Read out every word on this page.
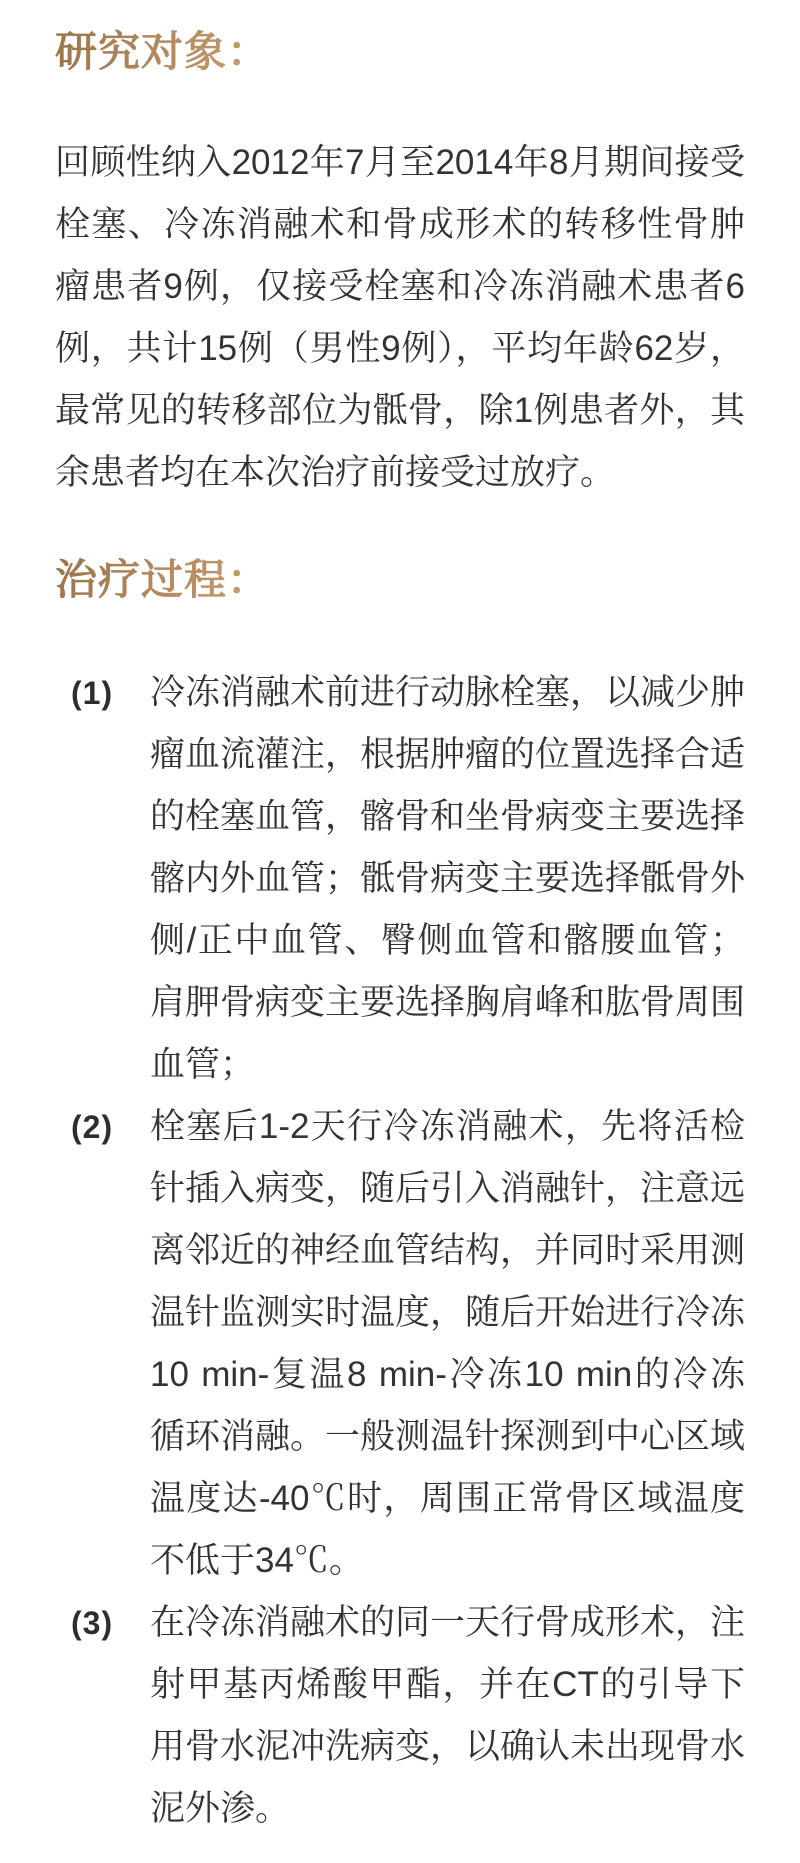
研究对象：

回顾性纳入2012年7月至2014年8月期间接受栓塞、冷冻消融术和骨成形术的转移性骨肿瘤患者9例，仅接受栓塞和冷冻消融术患者6例，共计15例（男性9例），平均年龄62岁，最常见的转移部位为骶骨，除1例患者外，其余患者均在本次治疗前接受过放疗。

治疗过程：
(1) 冷冻消融术前进行动脉栓塞，以减少肿瘤血流灌注，根据肿瘤的位置选择合适的栓塞血管，髂骨和坐骨病变主要选择髂内外血管；骶骨病变主要选择骶骨外侧/正中血管、臀侧血管和髂腰血管；肩胛骨病变主要选择胸肩峰和肱骨周围血管；
(2) 栓塞后1-2天行冷冻消融术，先将活检针插入病变，随后引入消融针，注意远离邻近的神经血管结构，并同时采用测温针监测实时温度，随后开始进行冷冻10 min-复温8 min-冷冻10 min的冷冻循环消融。一般测温针探测到中心区域温度达-40℃时，周围正常骨区域温度不低于34℃。
(3) 在冷冻消融术的同一天行骨成形术，注射甲基丙烯酸甲酯，并在CT的引导下用骨水泥冲洗病变，以确认未出现骨水泥外渗。
